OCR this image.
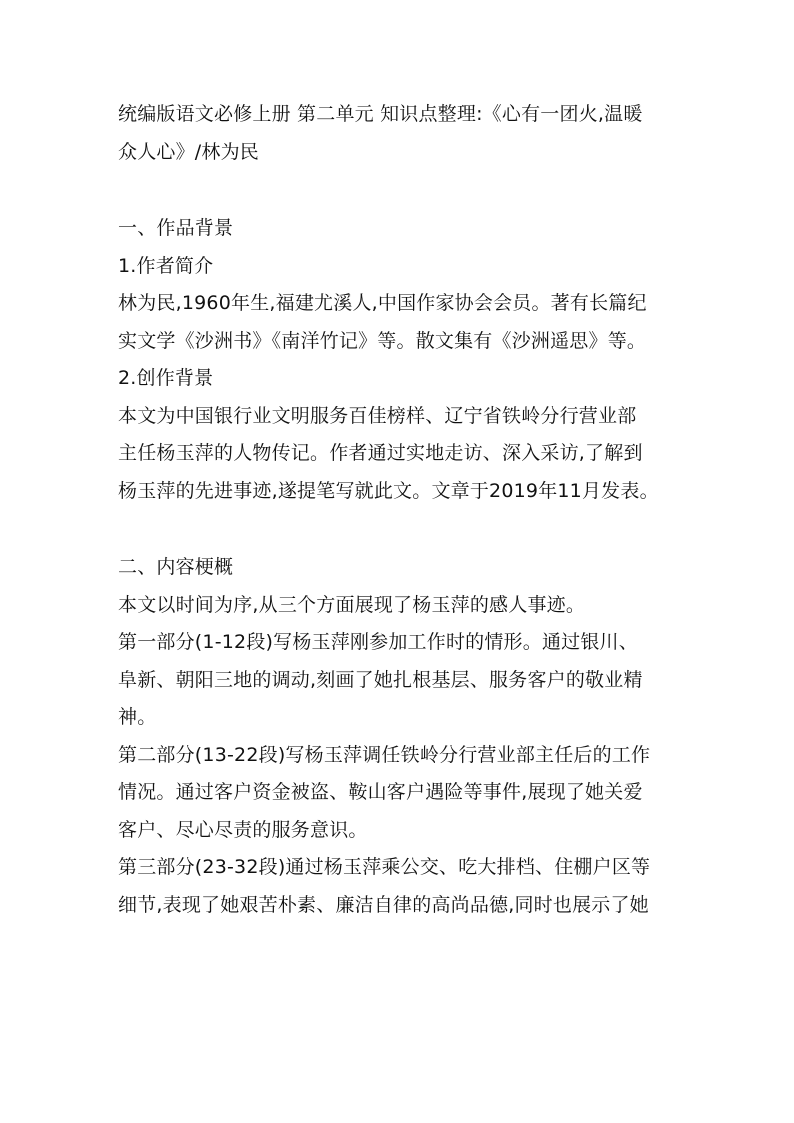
统编版语文必修上册 第二单元 知识点整理:《心有一团火,温暖
众人心》/林为民
一、作品背景
1.作者简介
林为民,1960年生,福建尤溪人,中国作家协会会员。著有长篇纪
实文学《沙洲书》《南洋竹记》等。散文集有《沙洲遥思》等。
2.创作背景
本文为中国银行业文明服务百佳榜样、辽宁省铁岭分行营业部
主任杨玉萍的人物传记。作者通过实地走访、深入采访,了解到
杨玉萍的先进事迹,遂提笔写就此文。文章于2019年11月发表。
二、内容梗概
本文以时间为序,从三个方面展现了杨玉萍的感人事迹。
第一部分(1-12段)写杨玉萍刚参加工作时的情形。通过银川、
阜新、朝阳三地的调动,刻画了她扎根基层、服务客户的敬业精
神。
第二部分(13-22段)写杨玉萍调任铁岭分行营业部主任后的工作
情况。通过客户资金被盗、鞍山客户遇险等事件,展现了她关爱
客户、尽心尽责的服务意识。
第三部分(23-32段)通过杨玉萍乘公交、吃大排档、住棚户区等
细节,表现了她艰苦朴素、廉洁自律的高尚品德,同时也展示了她
